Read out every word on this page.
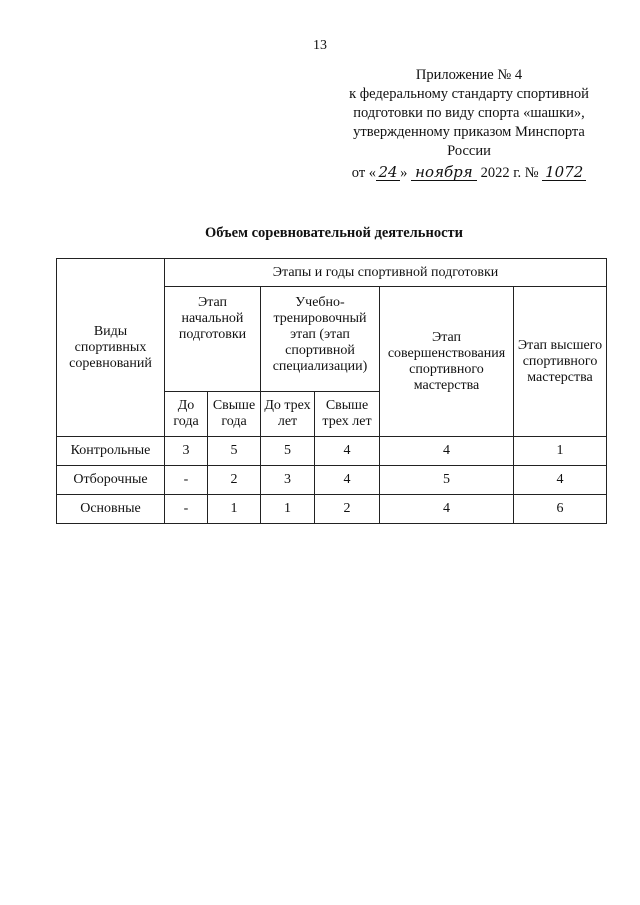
13
Приложение № 4
к федеральному стандарту спортивной
подготовки по виду спорта «шашки»,
утвержденному приказом Минспорта
России
от « 24 » ноября 2022 г. № 1072
Объем соревновательной деятельности
Виды спортивных соревнований	Этапы и годы спортивной подготовки					
	Этап начальной подготовки		Учебно-тренировочный этап (этап спортивной специализации)		Этап совершенствования спортивного мастерства	Этап высшего спортивного мастерства
	До года	Свыше года	До трех лет	Свыше трех лет		
Контрольные	3	5	5	4	4	1
Отборочные	-	2	3	4	5	4
Основные	-	1	1	2	4	6
